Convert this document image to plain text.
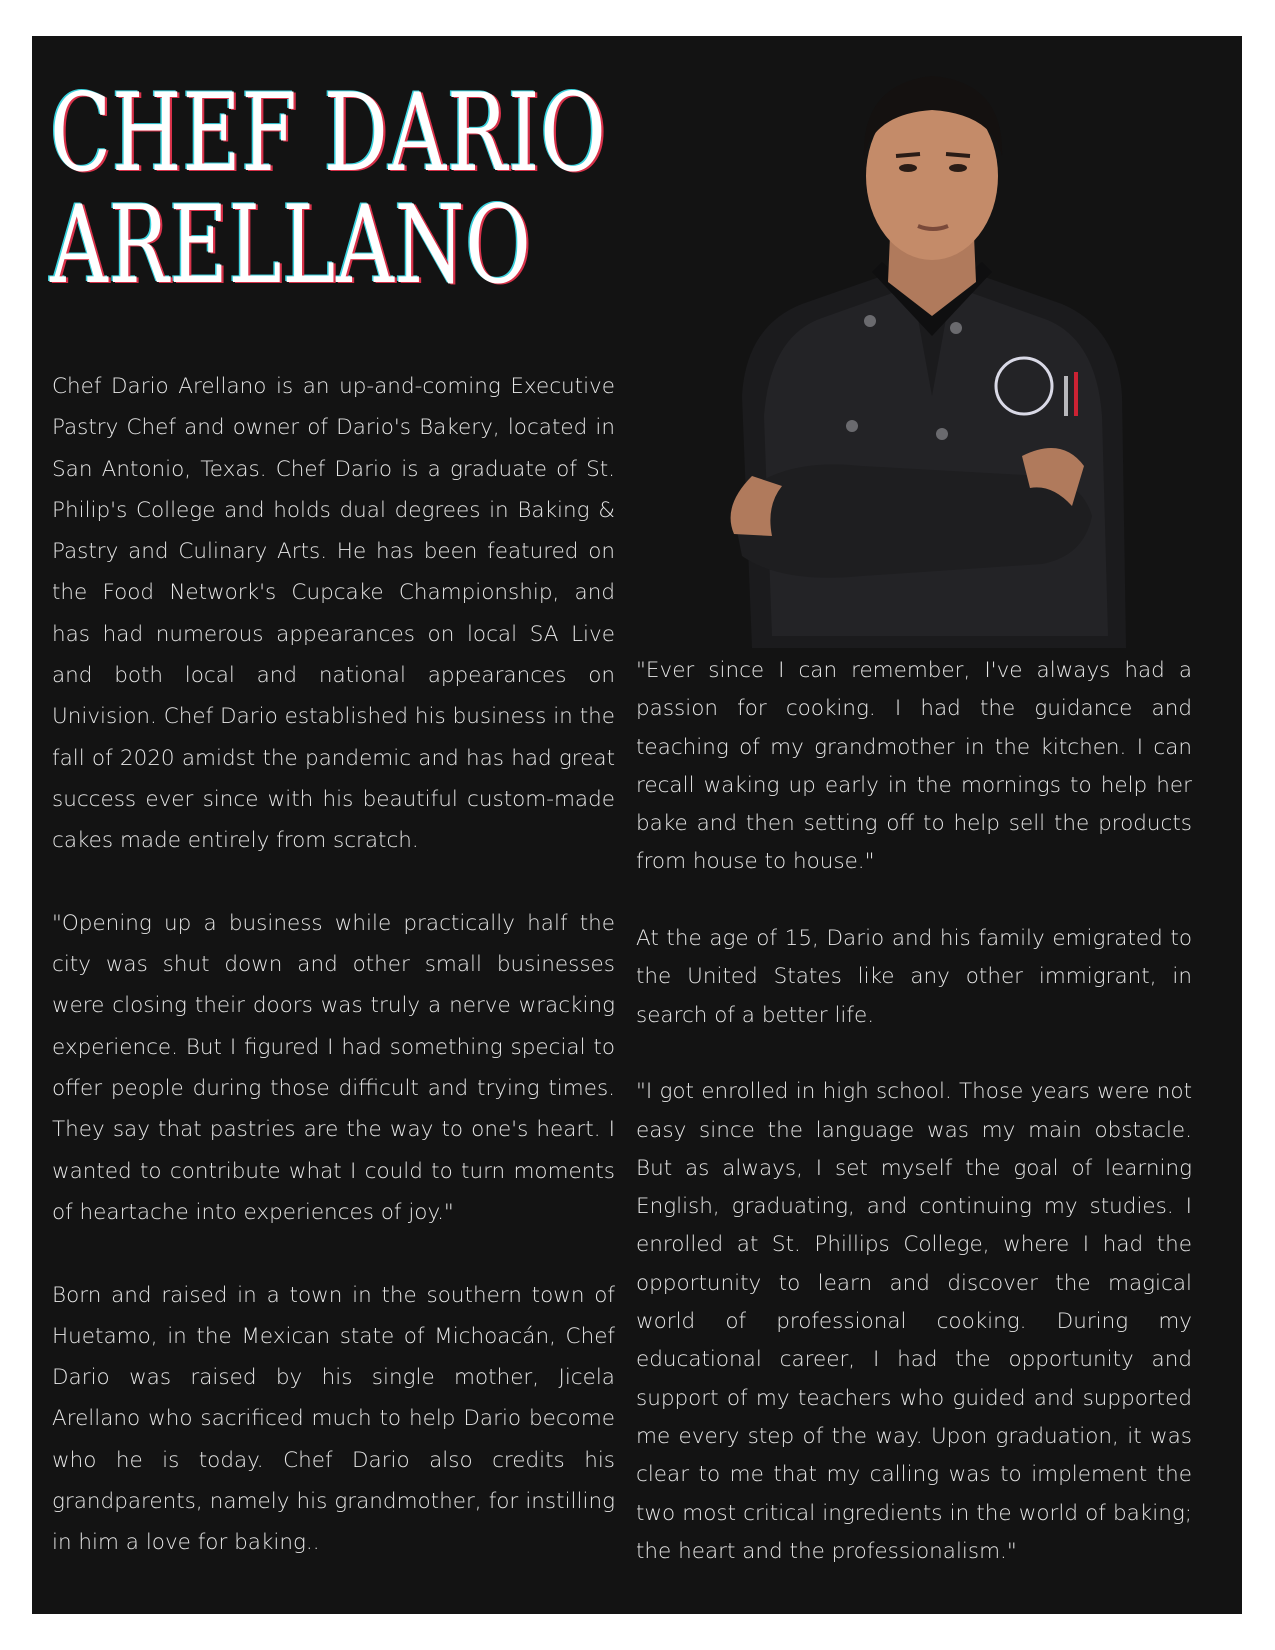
CHEF DARIO
ARELLANO

Chef Dario Arellano is an up-and-coming Executive Pastry Chef and owner of Dario's Bakery, located in San Antonio, Texas. Chef Dario is a graduate of St. Philip's College and holds dual degrees in Baking & Pastry and Culinary Arts. He has been featured on the Food Network's Cupcake Championship, and has had numerous appearances on local SA Live and both local and national appearances on Univision. Chef Dario established his business in the fall of 2020 amidst the pandemic and has had great success ever since with his beautiful custom-made cakes made entirely from scratch.

"Opening up a business while practically half the city was shut down and other small businesses were closing their doors was truly a nerve wracking experience. But I figured I had something special to offer people during those difficult and trying times. They say that pastries are the way to one's heart. I wanted to contribute what I could to turn moments of heartache into experiences of joy."

Born and raised in a town in the southern town of Huetamo, in the Mexican state of Michoacán, Chef Dario was raised by his single mother, Jicela Arellano who sacrificed much to help Dario become who he is today. Chef Dario also credits his grandparents, namely his grandmother, for instilling in him a love for baking..

"Ever since I can remember, I've always had a passion for cooking. I had the guidance and teaching of my grandmother in the kitchen. I can recall waking up early in the mornings to help her bake and then setting off to help sell the products from house to house."

At the age of 15, Dario and his family emigrated to the United States like any other immigrant, in search of a better life.

"I got enrolled in high school. Those years were not easy since the language was my main obstacle. But as always, I set myself the goal of learning English, graduating, and continuing my studies. I enrolled at St. Phillips College, where I had the opportunity to learn and discover the magical world of professional cooking. During my educational career, I had the opportunity and support of my teachers who guided and supported me every step of the way. Upon graduation, it was clear to me that my calling was to implement the two most critical ingredients in the world of baking; the heart and the professionalism."
